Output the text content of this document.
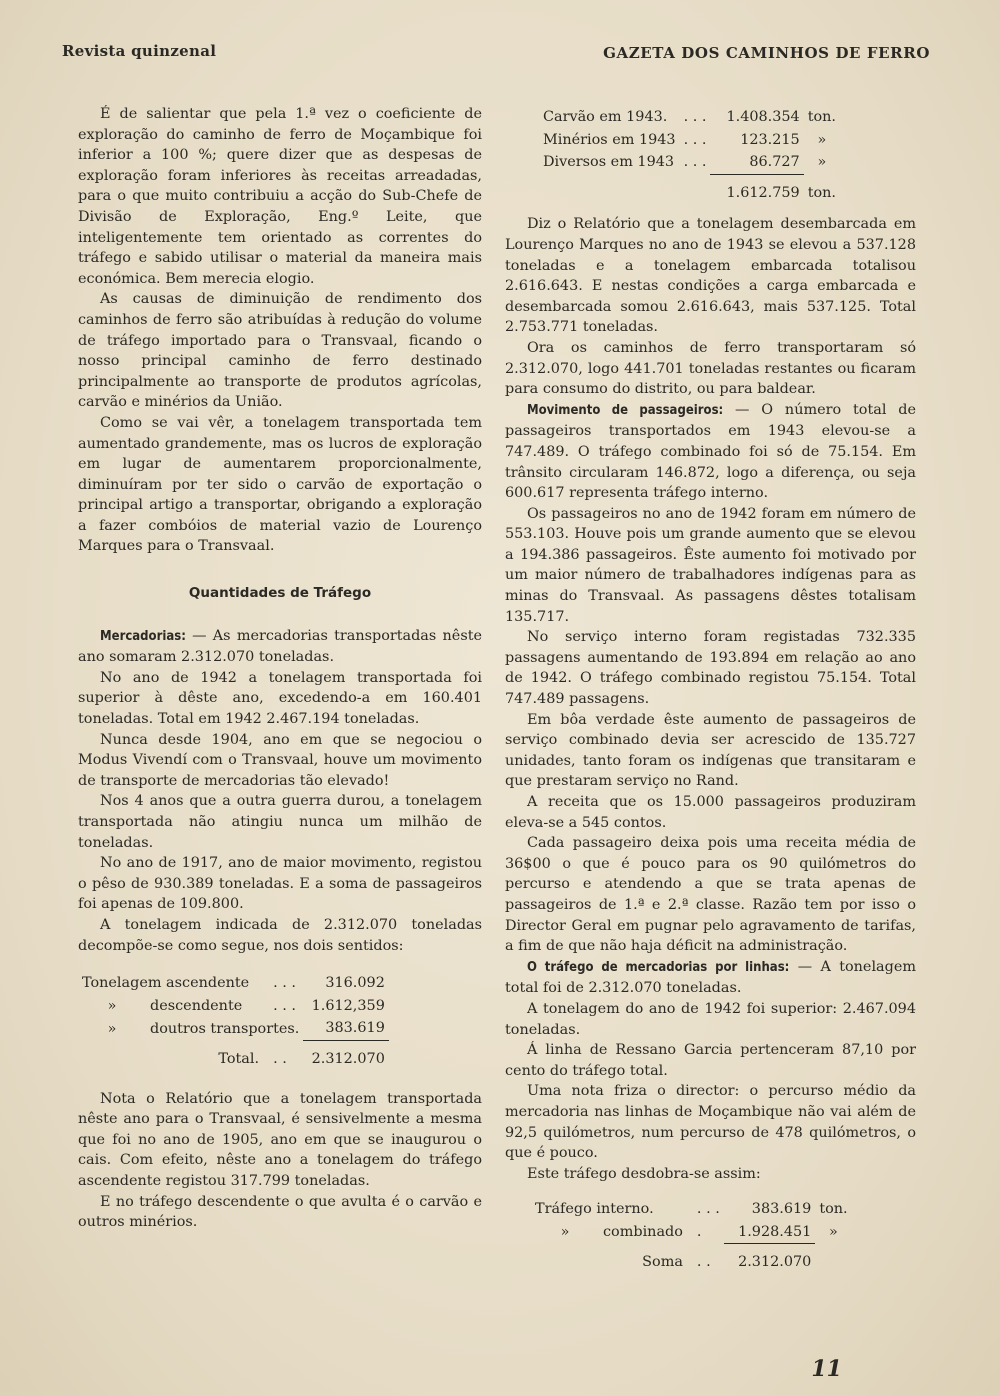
Revista quinzenal	GAZETA DOS CAMINHOS DE FERRO

É de salientar que pela 1.ª vez o coeficiente de exploração do caminho de ferro de Moçambique foi inferior a 100 %; quere dizer que as despesas de exploração foram inferiores às receitas arreadadas, para o que muito contribuiu a acção do Sub-Chefe de Divisão de Exploração, Eng.º Leite, que inteligentemente tem orientado as correntes do tráfego e sabido utilisar o material da maneira mais económica. Bem merecia elogio.

As causas de diminuição de rendimento dos caminhos de ferro são atribuídas à redução do volume de tráfego importado para o Transvaal, ficando o nosso principal caminho de ferro destinado principalmente ao transporte de produtos agrícolas, carvão e minérios da União.

Como se vai vêr, a tonelagem transportada tem aumentado grandemente, mas os lucros de exploração em lugar de aumentarem proporcionalmente, diminuíram por ter sido o carvão de exportação o principal artigo a transportar, obrigando a exploração a fazer combóios de material vazio de Lourenço Marques para o Transvaal.

Quantidades de Tráfego

Mercadorias: — As mercadorias transportadas nêste ano somaram 2.312.070 toneladas.

No ano de 1942 a tonelagem transportada foi superior à dêste ano, excedendo-a em 160.401 toneladas. Total em 1942 2.467.194 toneladas.

Nunca desde 1904, ano em que se negociou o Modus Vivendí com o Transvaal, houve um movimento de transporte de mercadorias tão elevado!

Nos 4 anos que a outra guerra durou, a tonelagem transportada não atingiu nunca um milhão de toneladas.

No ano de 1917, ano de maior movimento, registou o pêso de 930.389 toneladas. E a soma de passageiros foi apenas de 109.800.

A tonelagem indicada de 2.312.070 toneladas decompõe-se como segue, nos dois sentidos:

Tonelagem ascendente		. . .	316.092
»	descendente	. . .	1.612,359
»	doutros transportes.		383.619
	Total.	. .	2.312.070

Nota o Relatório que a tonelagem transportada nêste ano para o Transvaal, é sensivelmente a mesma que foi no ano de 1905, ano em que se inaugurou o cais. Com efeito, nêste ano a tonelagem do tráfego ascendente registou 317.799 toneladas.

E no tráfego descendente o que avulta é o carvão e outros minérios.

Carvão em 1943.	. . .	1.408.354	ton.
Minérios em 1943	. . .	123.215	»
Diversos em 1943	. . .	86.727	»
		1.612.759	ton.

Diz o Relatório que a tonelagem desembarcada em Lourenço Marques no ano de 1943 se elevou a 537.128 toneladas e a tonelagem embarcada totalisou 2.616.643. E nestas condições a carga embarcada e desembarcada somou 2.616.643, mais 537.125. Total 2.753.771 toneladas.

Ora os caminhos de ferro transportaram só 2.312.070, logo 441.701 toneladas restantes ou ficaram para consumo do distrito, ou para baldear.

Movimento de passageiros: — O número total de passageiros transportados em 1943 elevou-se a 747.489. O tráfego combinado foi só de 75.154. Em trânsito circularam 146.872, logo a diferença, ou seja 600.617 representa tráfego interno.

Os passageiros no ano de 1942 foram em número de 553.103. Houve pois um grande aumento que se elevou a 194.386 passageiros. Êste aumento foi motivado por um maior número de trabalhadores indígenas para as minas do Transvaal. As passagens dêstes totalisam 135.717.

No serviço interno foram registadas 732.335 passagens aumentando de 193.894 em relação ao ano de 1942. O tráfego combinado registou 75.154. Total 747.489 passagens.

Em bôa verdade êste aumento de passageiros de serviço combinado devia ser acrescido de 135.727 unidades, tanto foram os indígenas que transitaram e que prestaram serviço no Rand.

A receita que os 15.000 passageiros produziram eleva-se a 545 contos.

Cada passageiro deixa pois uma receita média de 36$00 o que é pouco para os 90 quilómetros do percurso e atendendo a que se trata apenas de passageiros de 1.ª e 2.ª classe. Razão tem por isso o Director Geral em pugnar pelo agravamento de tarifas, a fim de que não haja déficit na administração.

O tráfego de mercadorias por linhas: — A tonelagem total foi de 2.312.070 toneladas.

A tonelagem do ano de 1942 foi superior: 2.467.094 toneladas.

Á linha de Ressano Garcia pertenceram 87,10 por cento do tráfego total.

Uma nota friza o director: o percurso médio da mercadoria nas linhas de Moçambique não vai além de 92,5 quilómetros, num percurso de 478 quilómetros, o que é pouco.

Este tráfego desdobra-se assim:

Tráfego interno.		. . .	383.619	ton.
»	combinado	.	1.928.451	»
	Soma	. .	2.312.070	
11
